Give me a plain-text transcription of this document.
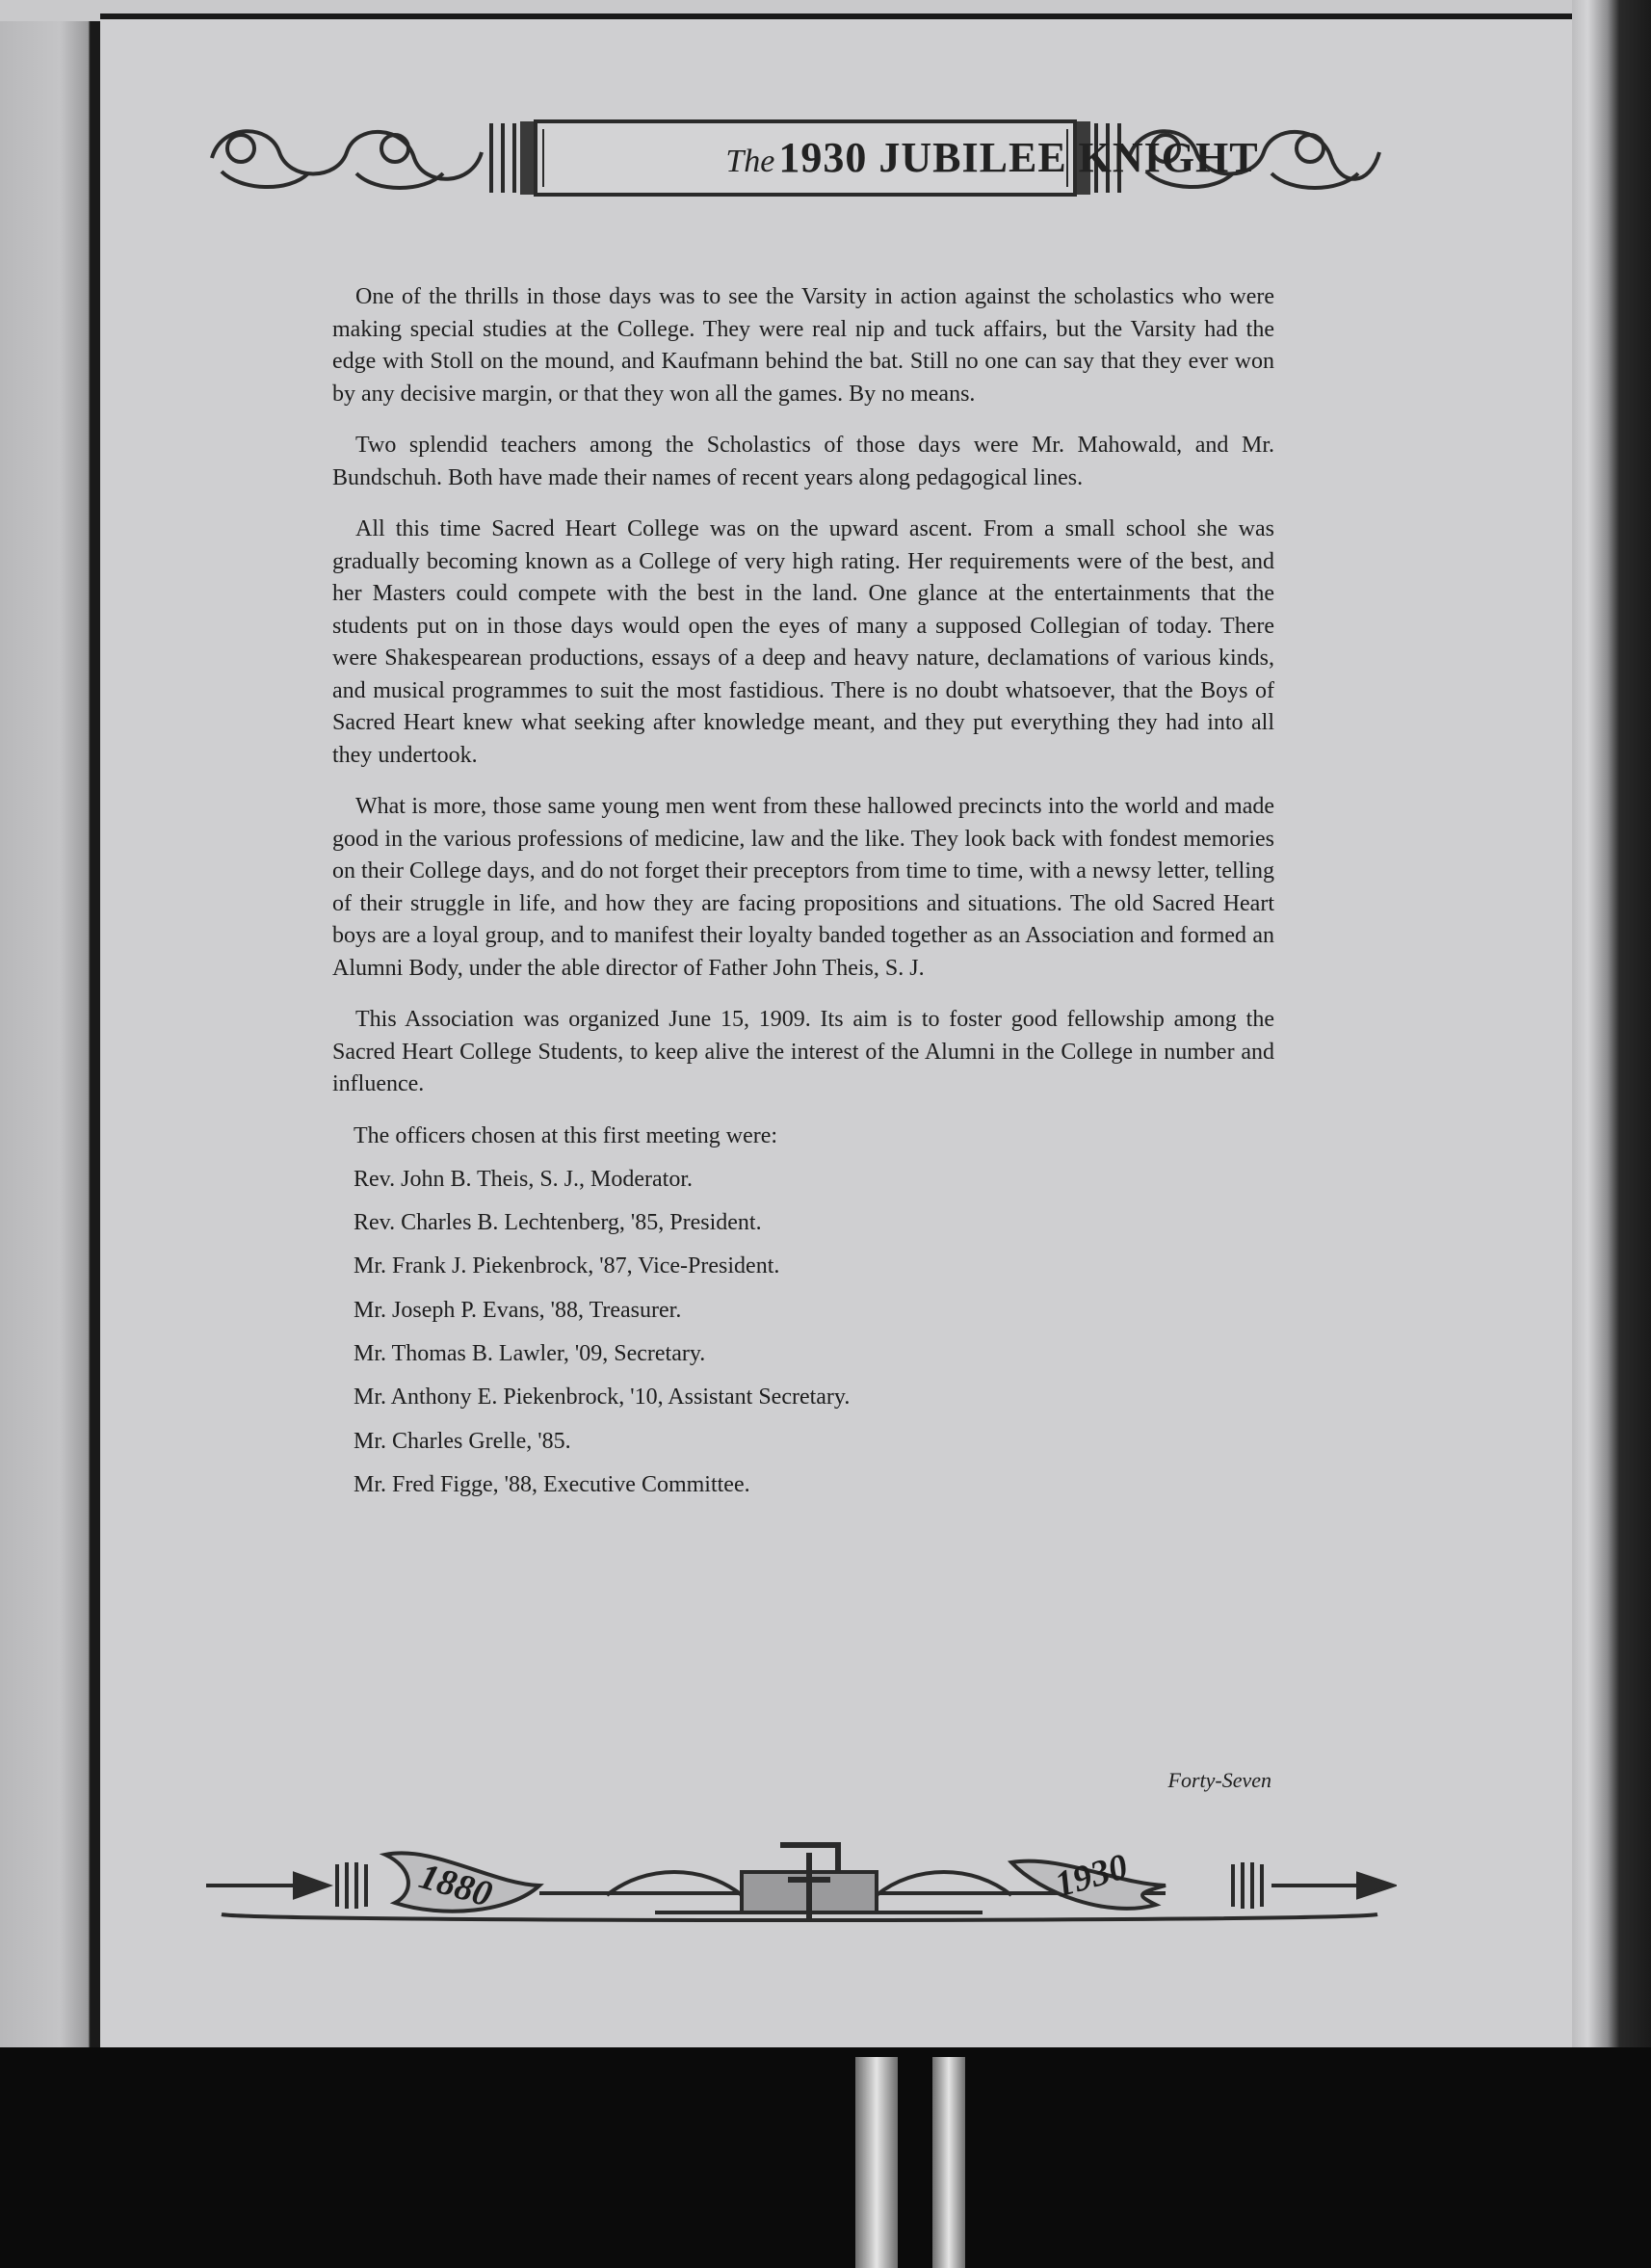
The 1930 JUBILEE KNIGHT

One of the thrills in those days was to see the Varsity in action against the scholastics who were making special studies at the College. They were real nip and tuck affairs, but the Varsity had the edge with Stoll on the mound, and Kaufmann behind the bat. Still no one can say that they ever won by any decisive margin, or that they won all the games. By no means.

Two splendid teachers among the Scholastics of those days were Mr. Mahowald, and Mr. Bundschuh. Both have made their names of recent years along pedagogical lines.

All this time Sacred Heart College was on the upward ascent. From a small school she was gradually becoming known as a College of very high rating. Her requirements were of the best, and her Masters could compete with the best in the land. One glance at the entertainments that the students put on in those days would open the eyes of many a supposed Collegian of today. There were Shakespearean productions, essays of a deep and heavy nature, declamations of various kinds, and musical programmes to suit the most fastidious. There is no doubt whatsoever, that the Boys of Sacred Heart knew what seeking after knowledge meant, and they put everything they had into all they undertook.

What is more, those same young men went from these hallowed precincts into the world and made good in the various professions of medicine, law and the like. They look back with fondest memories on their College days, and do not forget their preceptors from time to time, with a newsy letter, telling of their struggle in life, and how they are facing propositions and situations. The old Sacred Heart boys are a loyal group, and to manifest their loyalty banded together as an Association and formed an Alumni Body, under the able director of Father John Theis, S. J.

This Association was organized June 15, 1909. Its aim is to foster good fellowship among the Sacred Heart College Students, to keep alive the interest of the Alumni in the College in number and influence.

The officers chosen at this first meeting were:
Rev. John B. Theis, S. J., Moderator.
Rev. Charles B. Lechtenberg, '85, President.
Mr. Frank J. Piekenbrock, '87, Vice-President.
Mr. Joseph P. Evans, '88, Treasurer.
Mr. Thomas B. Lawler, '09, Secretary.
Mr. Anthony E. Piekenbrock, '10, Assistant Secretary.
Mr. Charles Grelle, '85.
Mr. Fred Figge, '88, Executive Committee.
Forty-Seven
1880	1930
